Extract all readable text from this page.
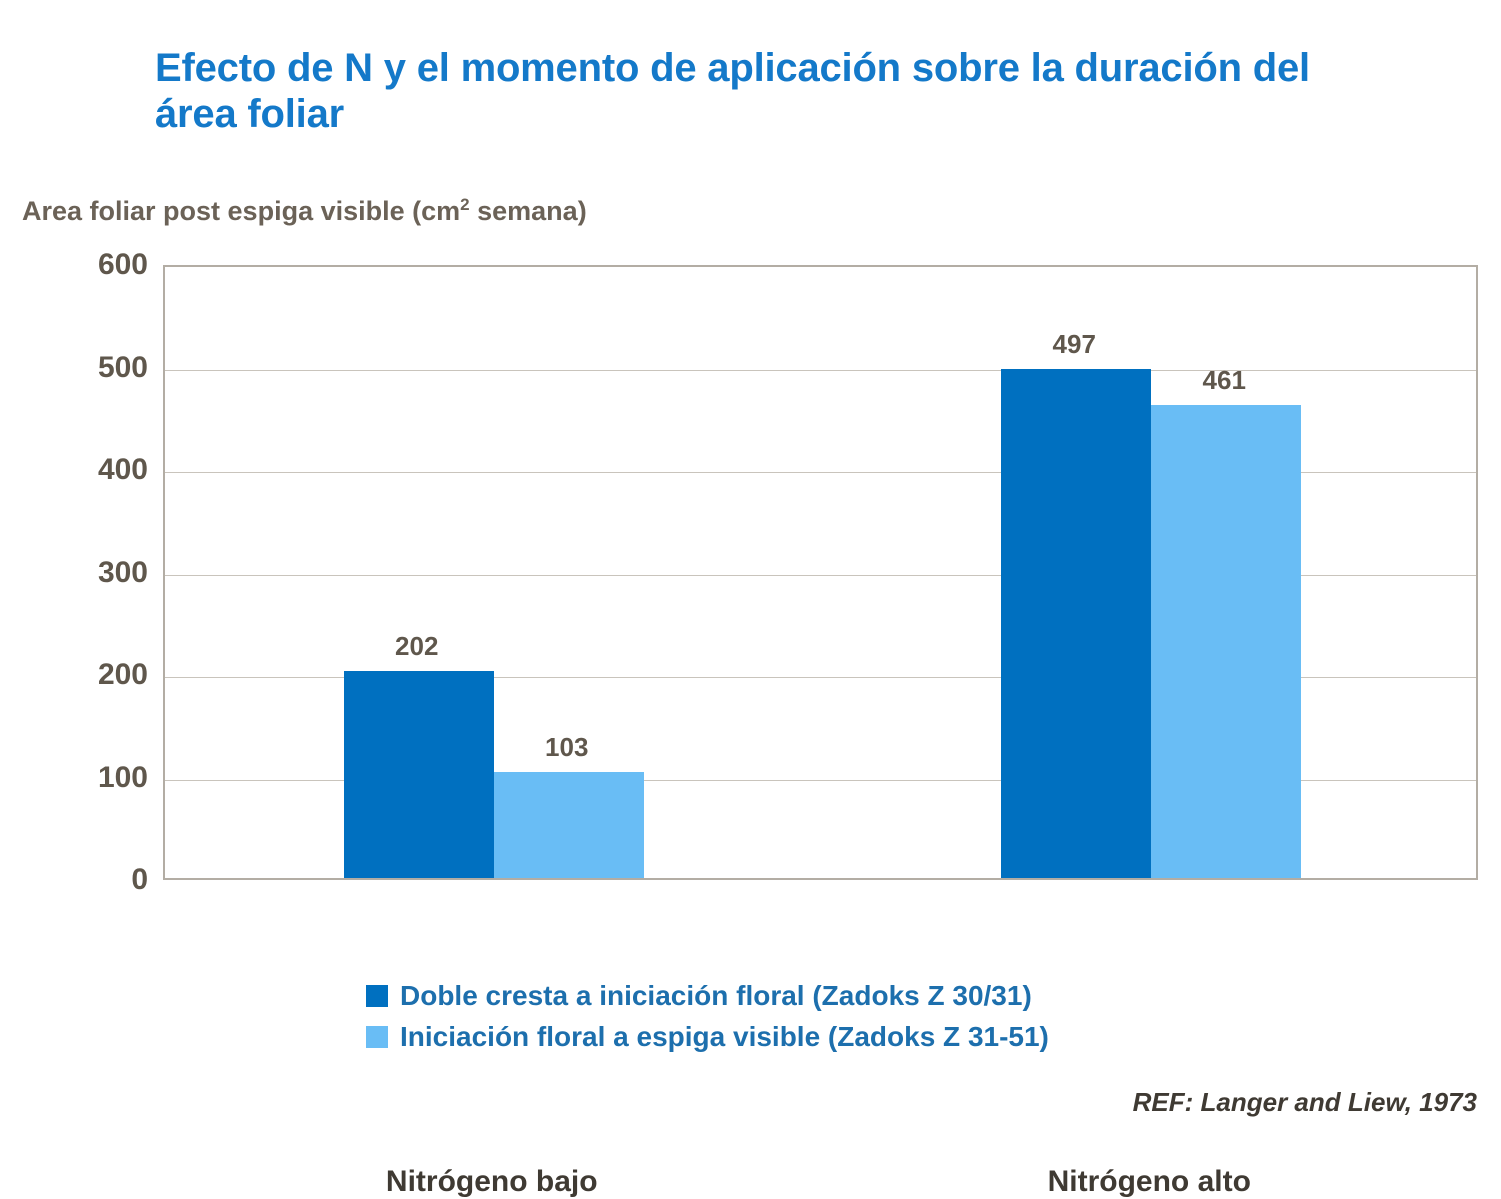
Efecto de N y el momento de aplicación sobre la duración del área foliar
Area foliar post espiga visible ($cm^2$ semana)
0
100
200
300
400
500
600
202
103
Nitrógeno bajo
497
461
Nitrógeno alto
Doble cresta a iniciación floral (Zadoks Z 30/31)
Iniciación floral a espiga visible (Zadoks Z 31-51)
REF: Langer and Liew, 1973
